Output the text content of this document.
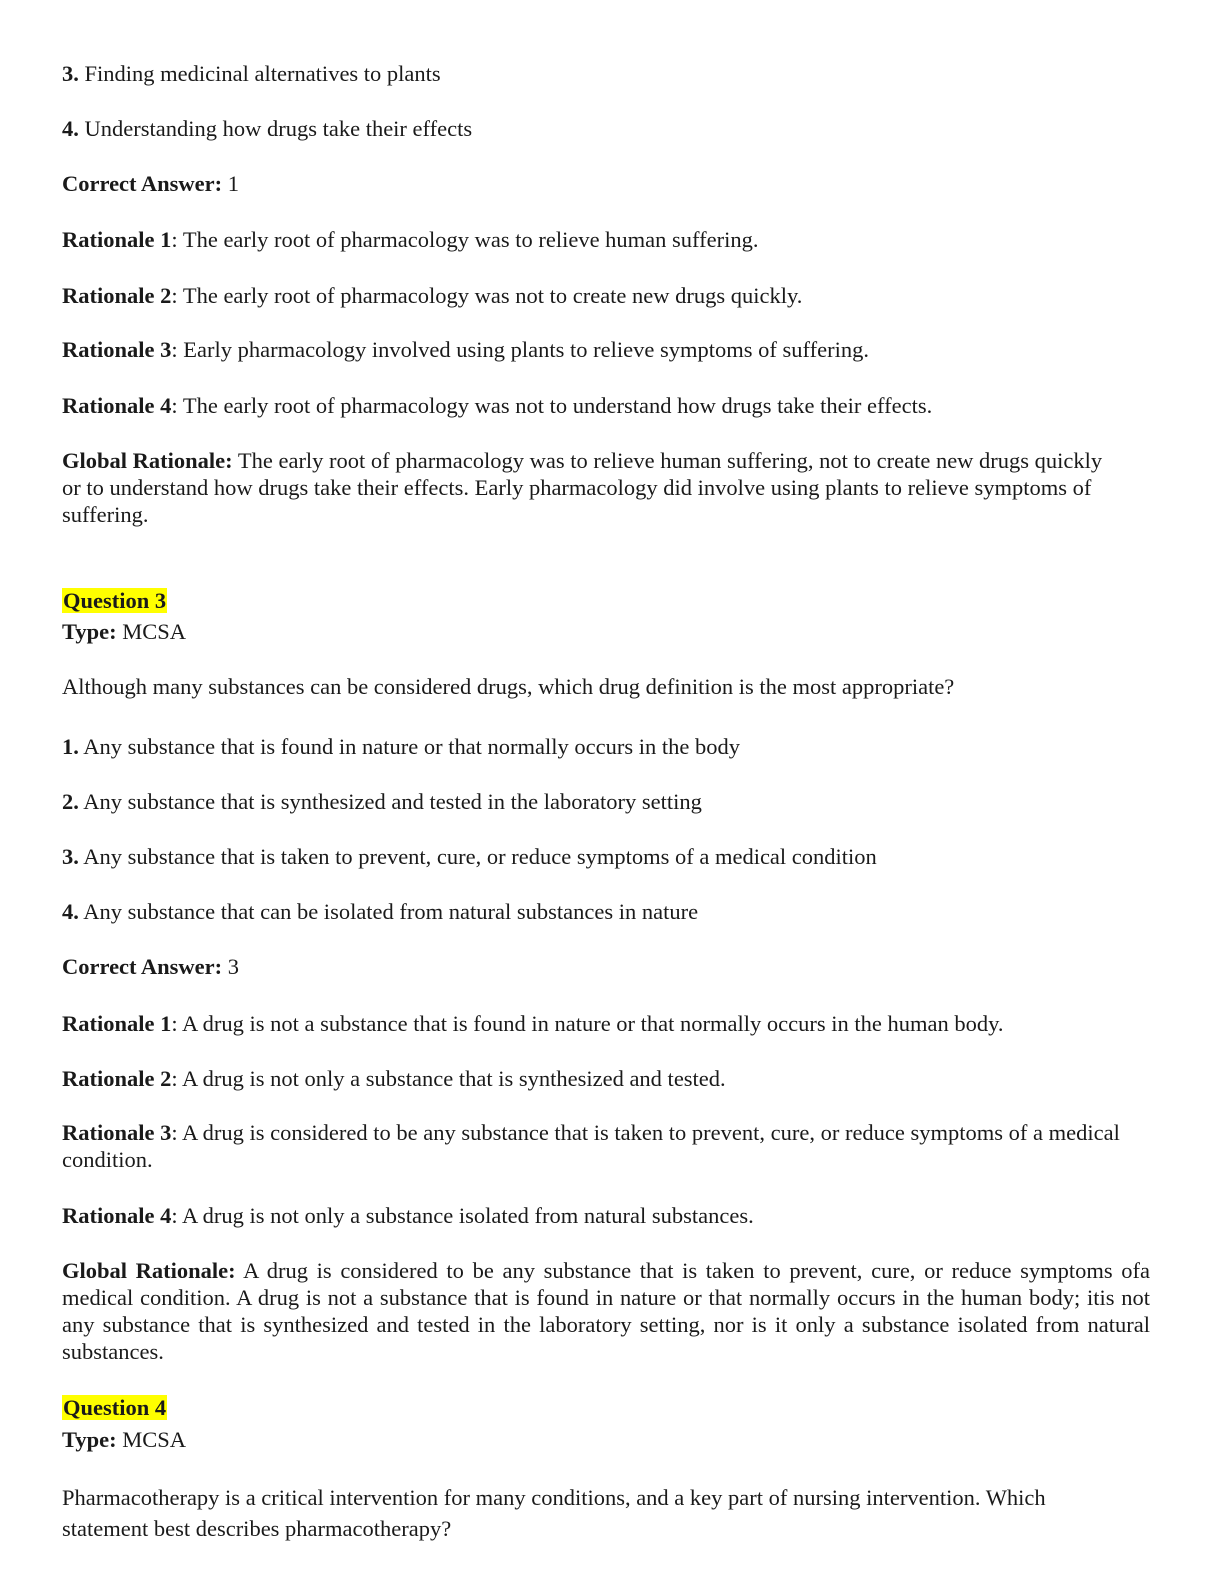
3. Finding medicinal alternatives to plants
4. Understanding how drugs take their effects
Correct Answer: 1
Rationale 1: The early root of pharmacology was to relieve human suffering.
Rationale 2: The early root of pharmacology was not to create new drugs quickly.
Rationale 3: Early pharmacology involved using plants to relieve symptoms of suffering.
Rationale 4: The early root of pharmacology was not to understand how drugs take their effects.
Global Rationale: The early root of pharmacology was to relieve human suffering, not to create new drugs quickly or to understand how drugs take their effects. Early pharmacology did involve using plants to relieve symptoms of suffering.
Question 3
Type: MCSA
Although many substances can be considered drugs, which drug definition is the most appropriate?
1. Any substance that is found in nature or that normally occurs in the body
2. Any substance that is synthesized and tested in the laboratory setting
3. Any substance that is taken to prevent, cure, or reduce symptoms of a medical condition
4. Any substance that can be isolated from natural substances in nature
Correct Answer: 3
Rationale 1: A drug is not a substance that is found in nature or that normally occurs in the human body.
Rationale 2: A drug is not only a substance that is synthesized and tested.
Rationale 3: A drug is considered to be any substance that is taken to prevent, cure, or reduce symptoms of a medical condition.
Rationale 4: A drug is not only a substance isolated from natural substances.
Global Rationale: A drug is considered to be any substance that is taken to prevent, cure, or reduce symptoms ofa medical condition. A drug is not a substance that is found in nature or that normally occurs in the human body; itis not any substance that is synthesized and tested in the laboratory setting, nor is it only a substance isolated from natural substances.
Question 4
Type: MCSA
Pharmacotherapy is a critical intervention for many conditions, and a key part of nursing intervention. Which statement best describes pharmacotherapy?
